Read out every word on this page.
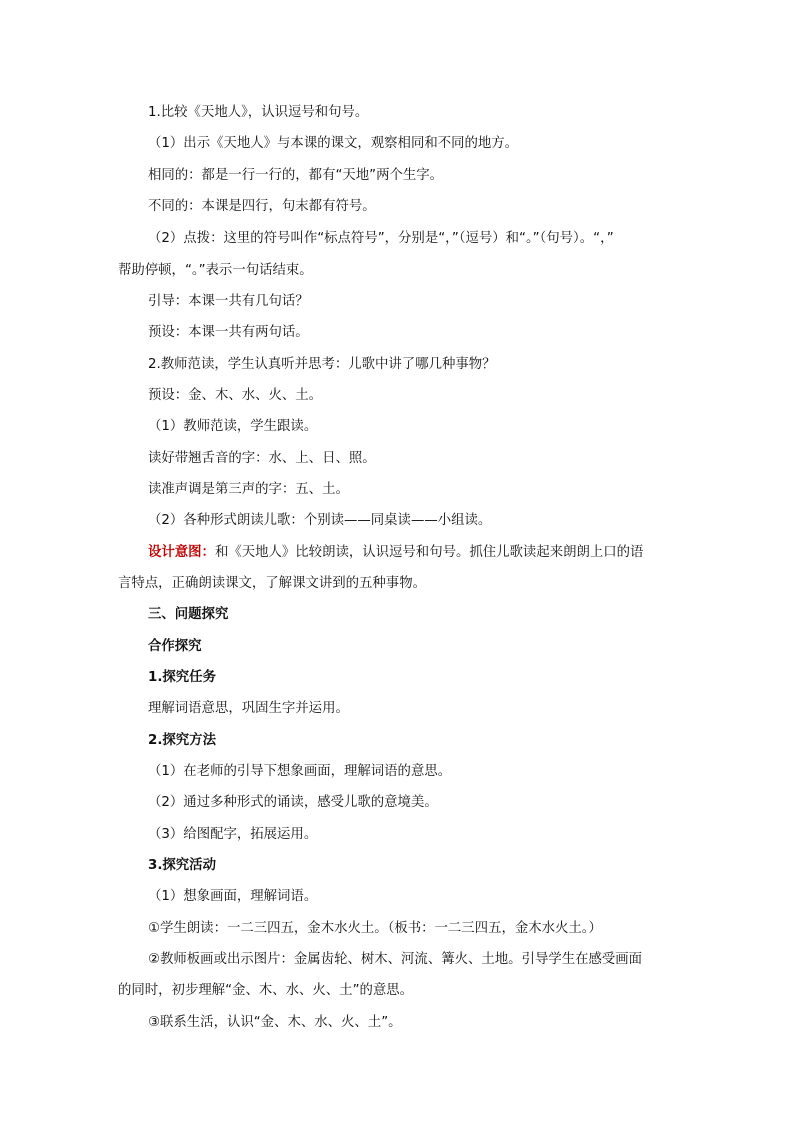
1.比较《天地人》，认识逗号和句号。
（1）出示《天地人》与本课的课文，观察相同和不同的地方。
相同的：都是一行一行的，都有“天地”两个生字。
不同的：本课是四行，句末都有符号。
（2）点拨：这里的符号叫作“标点符号”，分别是“，”（逗号）和“。”（句号）。“，”
帮助停顿，“。”表示一句话结束。
引导：本课一共有几句话？
预设：本课一共有两句话。
2.教师范读，学生认真听并思考：儿歌中讲了哪几种事物？
预设：金、木、水、火、土。
（1）教师范读，学生跟读。
读好带翘舌音的字：水、上、日、照。
读准声调是第三声的字：五、土。
（2）各种形式朗读儿歌：个别读——同桌读——小组读。
设计意图：和《天地人》比较朗读，认识逗号和句号。抓住儿歌读起来朗朗上口的语
言特点，正确朗读课文，了解课文讲到的五种事物。
三、问题探究
合作探究
1.探究任务
理解词语意思，巩固生字并运用。
2.探究方法
（1）在老师的引导下想象画面，理解词语的意思。
（2）通过多种形式的诵读，感受儿歌的意境美。
（3）给图配字，拓展运用。
3.探究活动
（1）想象画面，理解词语。
①学生朗读：一二三四五，金木水火土。（板书：一二三四五，金木水火土。）
②教师板画或出示图片：金属齿轮、树木、河流、篝火、土地。引导学生在感受画面
的同时，初步理解“金、木、水、火、土”的意思。
③联系生活，认识“金、木、水、火、土”。
